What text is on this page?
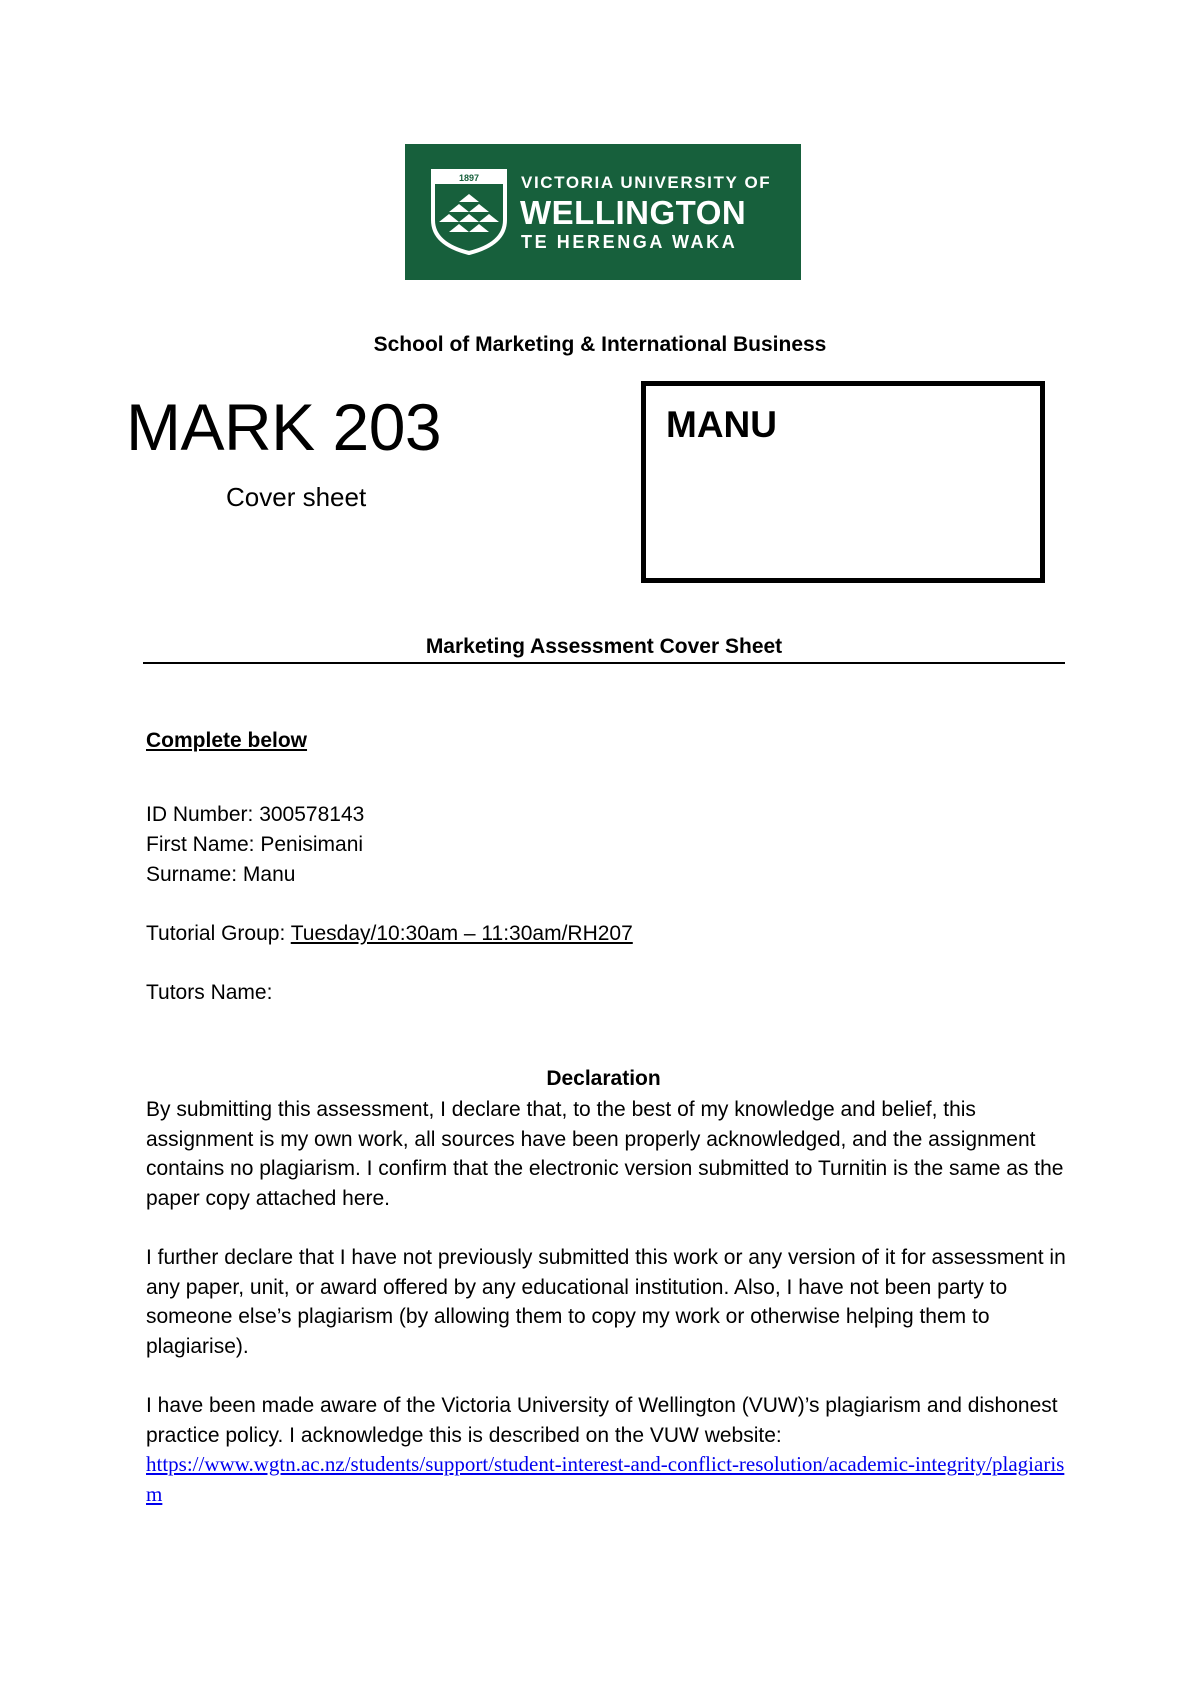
1897 VICTORIA UNIVERSITY OF
WELLINGTON
TE HERENGA WAKA
School of Marketing & International Business
MARK 203
Cover sheet
MANU
Marketing Assessment Cover Sheet
Complete below
ID Number: 300578143
First Name: Penisimani
Surname: Manu
Tutorial Group: Tuesday/10:30am – 11:30am/RH207
Tutors Name:
Declaration
By submitting this assessment, I declare that, to the best of my knowledge and belief, this assignment is my own work, all sources have been properly acknowledged, and the assignment contains no plagiarism. I confirm that the electronic version submitted to Turnitin is the same as the paper copy attached here.
I further declare that I have not previously submitted this work or any version of it for assessment in any paper, unit, or award offered by any educational institution. Also, I have not been party to someone else’s plagiarism (by allowing them to copy my work or otherwise helping them to plagiarise).
I have been made aware of the Victoria University of Wellington (VUW)’s plagiarism and dishonest practice policy. I acknowledge this is described on the VUW website:
https://www.wgtn.ac.nz/students/support/student-interest-and-conflict-resolution/academic-integrity/plagiarism
